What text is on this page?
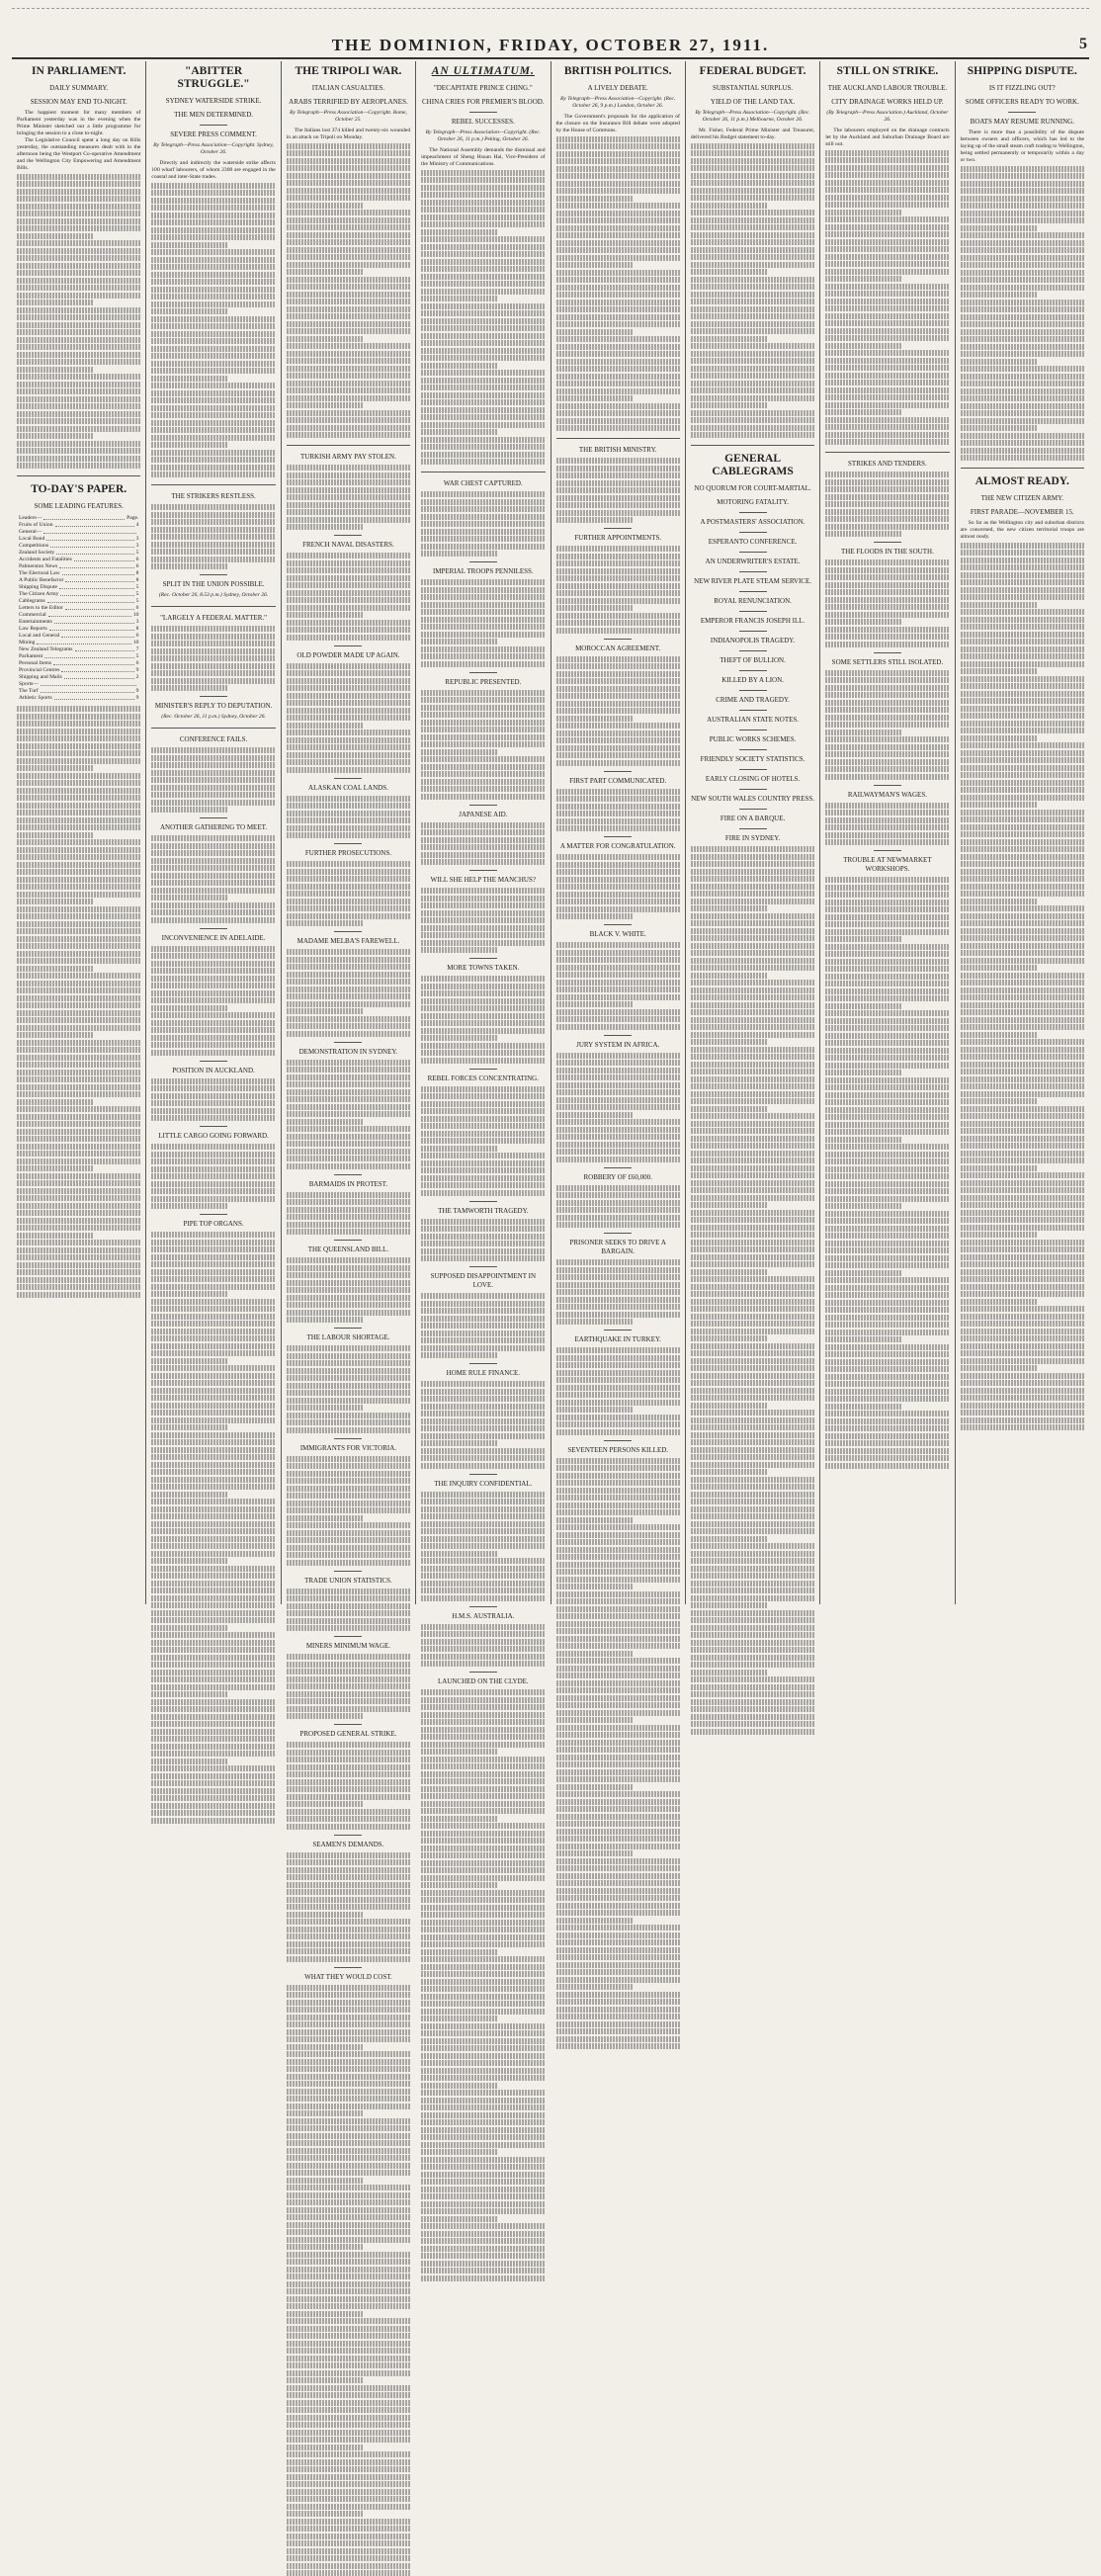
THE DOMINION, FRIDAY, OCTOBER 27, 1911.	5
IN PARLIAMENT.
DAILY SUMMARY.
SESSION MAY END TO-NIGHT.

The happiest moment for many members of Parliament yesterday was in the evening when the Prime Minister sketched out a little programme for bringing the session to a close to-night.

The Legislative Council spent a long day on Bills yesterday, the outstanding measures dealt with in the afternoon being the Westport Co-operative Amendment and the Wellington City Empowering and Amendment Bills.

TO-DAY'S PAPER.
SOME LEADING FEATURES.
Leaders—	Page.
Fruits of Union	4
General—
Local Bond	3
Competitions	3
Zealand Society	5
Accidents and Fatalities	6
Palmerston News	6
The Electoral Law	8
A Public Benefactor	8
Shipping Dispute	5
The Citizen Army	5
Cablegrams	5
Letters to the Editor	6
Commercial	10
Entertainments	3
Law Reports	8
Local and General	6
Mining	10
New Zealand Telegrams	7
Parliament	5
Personal Items	6
Provincial Centres	9
Shipping and Mails	2
Sports—
The Turf	9
Athletic Sports	9
"ABITTER STRUGGLE."
SYDNEY WATERSIDE STRIKE.
THE MEN DETERMINED.
SEVERE PRESS COMMENT.
By Telegraph—Press Association—Copyright. Sydney, October 26.

Directly and indirectly the waterside strike affects 100 wharf labourers, of whom 2300 are engaged in the coastal and inter-State trades.

THE STRIKERS RESTLESS.
SPLIT IN THE UNION POSSIBLE.
(Rec. October 26, 8.53 p.m.) Sydney, October 26.
"LARGELY A FEDERAL MATTER."
MINISTER'S REPLY TO DEPUTATION.
(Rec. October 26, 11 p.m.) Sydney, October 26.
CONFERENCE FAILS.
ANOTHER GATHERING TO MEET.
INCONVENIENCE IN ADELAIDE.
POSITION IN AUCKLAND.
LITTLE CARGO GOING FORWARD.
PIPE TOP ORGANS.
THE TRIPOLI WAR.
ITALIAN CASUALTIES.
ARABS TERRIFIED BY AEROPLANES.
By Telegraph—Press Association—Copyright. Rome, October 25.

The Italians lost 374 killed and twenty-six wounded in an attack on Tripoli on Monday.

TURKISH ARMY PAY STOLEN.
FRENCH NAVAL DISASTERS.
OLD POWDER MADE UP AGAIN.
ALASKAN COAL LANDS.
FURTHER PROSECUTIONS.
MADAME MELBA'S FAREWELL.
DEMONSTRATION IN SYDNEY.
BARMAIDS IN PROTEST.
THE QUEENSLAND BILL.
THE LABOUR SHORTAGE.
IMMIGRANTS FOR VICTORIA.
TRADE UNION STATISTICS.
MINERS MINIMUM WAGE.
PROPOSED GENERAL STRIKE.
SEAMEN'S DEMANDS.
WHAT THEY WOULD COST.
AN ULTIMATUM.
"DECAPITATE PRINCE CHING."
CHINA CRIES FOR PREMIER'S BLOOD.
REBEL SUCCESSES.
By Telegraph—Press Association—Copyright. (Rec. October 26, 11 p.m.) Peking, October 26.

The National Assembly demands the dismissal and impeachment of Sheng Hsuan Hai, Vice-President of the Ministry of Communications.

WAR CHEST CAPTURED.
IMPERIAL TROOPS PENNILESS.
REPUBLIC PRESENTED.
JAPANESE AID.
WILL SHE HELP THE MANCHUS?
MORE TOWNS TAKEN.
REBEL FORCES CONCENTRATING.
THE TAMWORTH TRAGEDY.
SUPPOSED DISAPPOINTMENT IN LOVE.
HOME RULE FINANCE.
THE INQUIRY CONFIDENTIAL.
H.M.S. AUSTRALIA.
LAUNCHED ON THE CLYDE.
BRITISH POLITICS.
A LIVELY DEBATE.
By Telegraph—Press Association—Copyright. (Rec. October 26, 9 p.m.) London, October 26.

The Government's proposals for the application of the closure on the Insurance Bill debate were adopted by the House of Commons.

THE BRITISH MINISTRY.
FURTHER APPOINTMENTS.
MOROCCAN AGREEMENT.
FIRST PART COMMUNICATED.
A MATTER FOR CONGRATULATION.
BLACK V. WHITE.
JURY SYSTEM IN AFRICA.
ROBBERY OF £60,000.
PRISONER SEEKS TO DRIVE A BARGAIN.
EARTHQUAKE IN TURKEY.
SEVENTEEN PERSONS KILLED.
FEDERAL BUDGET.
SUBSTANTIAL SURPLUS.
YIELD OF THE LAND TAX.
By Telegraph—Press Association—Copyright. (Rec. October 26, 11 p.m.) Melbourne, October 26.

Mr. Fisher, Federal Prime Minister and Treasurer, delivered his Budget statement to-day.

GENERAL CABLEGRAMS
NO QUORUM FOR COURT-MARTIAL.
MOTORING FATALITY.
A POSTMASTERS' ASSOCIATION.
ESPERANTO CONFERENCE.
AN UNDERWRITER'S ESTATE.
NEW RIVER PLATE STEAM SERVICE.
ROYAL RENUNCIATION.
EMPEROR FRANCIS JOSEPH ILL.
INDIANOPOLIS TRAGEDY.
THEFT OF BULLION.
KILLED BY A LION.
CRIME AND TRAGEDY.
AUSTRALIAN STATE NOTES.
PUBLIC WORKS SCHEMES.
FRIENDLY SOCIETY STATISTICS.
EARLY CLOSING OF HOTELS.
NEW SOUTH WALES COUNTRY PRESS.
FIRE ON A BARQUE.
FIRE IN SYDNEY.
STILL ON STRIKE.
THE AUCKLAND LABOUR TROUBLE.
CITY DRAINAGE WORKS HELD UP.
(By Telegraph—Press Association.) Auckland, October 26.

The labourers employed on the drainage contracts let by the Auckland and Suburban Drainage Board are still out.

STRIKES AND TENDERS.
THE FLOODS IN THE SOUTH.
SOME SETTLERS STILL ISOLATED.
RAILWAYMAN'S WAGES.
TROUBLE AT NEWMARKET WORKSHOPS.
SHIPPING DISPUTE.
IS IT FIZZLING OUT?
SOME OFFICERS READY TO WORK.
BOATS MAY RESUME RUNNING.

There is more than a possibility of the dispute between owners and officers, which has led to the laying up of the small steam craft trading to Wellington, being settled permanently or temporarily within a day or two.

ALMOST READY.
THE NEW CITIZEN ARMY.
FIRST PARADE—NOVEMBER 15.

So far as the Wellington city and suburban districts are concerned, the new citizen territorial troops are almost ready.
